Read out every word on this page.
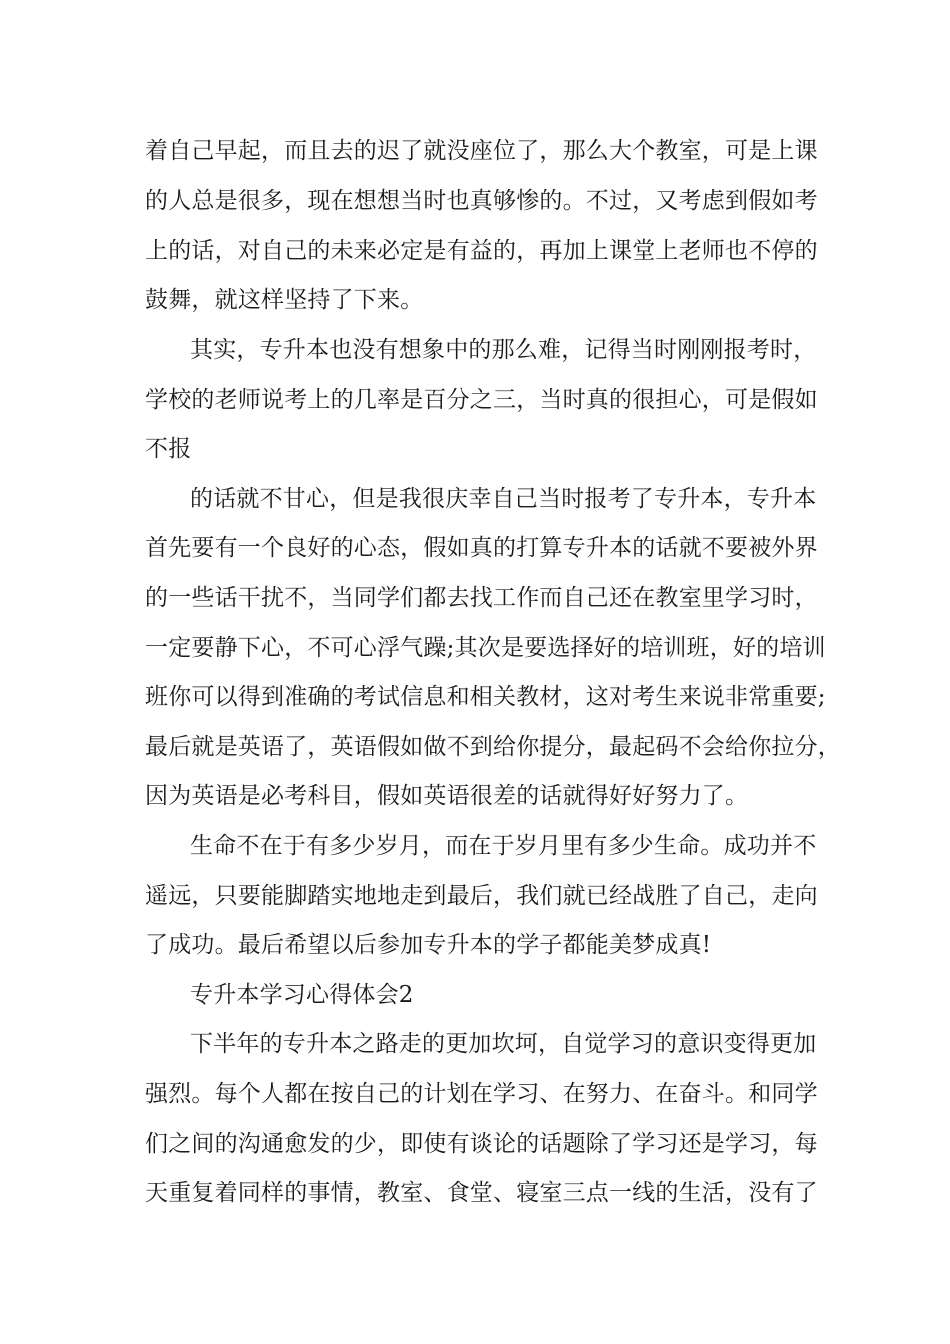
着自己早起，而且去的迟了就没座位了，那么大个教室，可是上课
的人总是很多，现在想想当时也真够惨的。不过，又考虑到假如考
上的话，对自己的未来必定是有益的，再加上课堂上老师也不停的
鼓舞，就这样坚持了下来。
其实，专升本也没有想象中的那么难，记得当时刚刚报考时，
学校的老师说考上的几率是百分之三，当时真的很担心，可是假如
不报
的话就不甘心，但是我很庆幸自己当时报考了专升本，专升本
首先要有一个良好的心态，假如真的打算专升本的话就不要被外界
的一些话干扰不，当同学们都去找工作而自己还在教室里学习时，
一定要静下心，不可心浮气躁;其次是要选择好的培训班，好的培训
班你可以得到准确的考试信息和相关教材，这对考生来说非常重要;
最后就是英语了，英语假如做不到给你提分，最起码不会给你拉分，
因为英语是必考科目，假如英语很差的话就得好好努力了。
生命不在于有多少岁月，而在于岁月里有多少生命。成功并不
遥远，只要能脚踏实地地走到最后，我们就已经战胜了自己，走向
了成功。最后希望以后参加专升本的学子都能美梦成真!
专升本学习心得体会2
下半年的专升本之路走的更加坎坷，自觉学习的意识变得更加
强烈。每个人都在按自己的计划在学习、在努力、在奋斗。和同学
们之间的沟通愈发的少，即使有谈论的话题除了学习还是学习，每
天重复着同样的事情，教室、食堂、寝室三点一线的生活，没有了
